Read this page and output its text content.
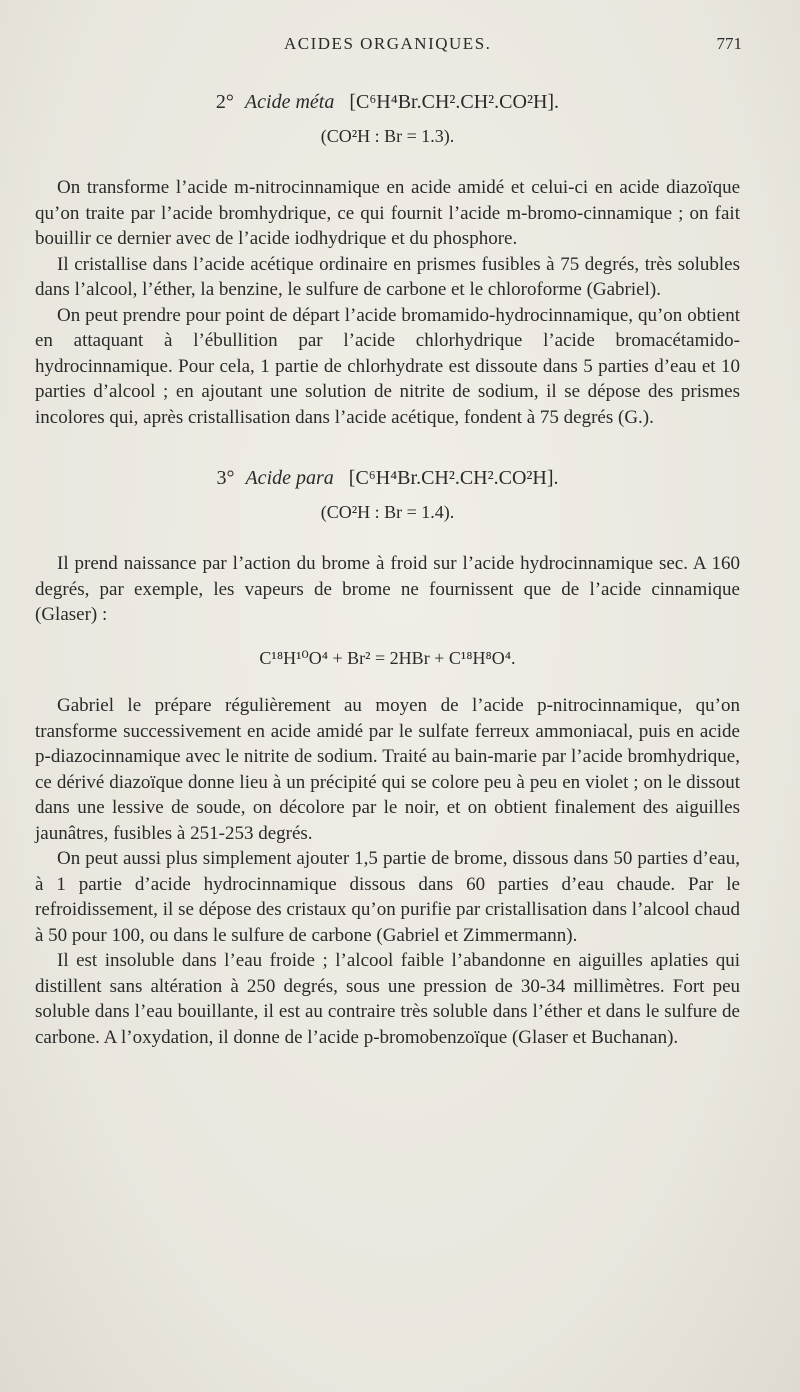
ACIDES ORGANIQUES.	771
2° Acide méta [C⁶H⁴Br.CH².CH².CO²H].
(CO²H : Br = 1.3).

On transforme l’acide m-nitrocinnamique en acide amidé et celui-ci en acide diazoïque qu’on traite par l’acide bromhydrique, ce qui fournit l’acide m-bromo-cinnamique ; on fait bouillir ce dernier avec de l’acide iodhydrique et du phosphore.

Il cristallise dans l’acide acétique ordinaire en prismes fusibles à 75 degrés, très solubles dans l’alcool, l’éther, la benzine, le sulfure de carbone et le chloroforme (Gabriel).

On peut prendre pour point de départ l’acide bromamido-hydrocinnamique, qu’on obtient en attaquant à l’ébullition par l’acide chlorhydrique l’acide bromacétamido-hydrocinnamique. Pour cela, 1 partie de chlorhydrate est dissoute dans 5 parties d’eau et 10 parties d’alcool ; en ajoutant une solution de nitrite de sodium, il se dépose des prismes incolores qui, après cristallisation dans l’acide acétique, fondent à 75 degrés (G.).

3° Acide para [C⁶H⁴Br.CH².CH².CO²H].
(CO²H : Br = 1.4).

Il prend naissance par l’action du brome à froid sur l’acide hydrocinnamique sec. A 160 degrés, par exemple, les vapeurs de brome ne fournissent que de l’acide cinnamique (Glaser) :

C¹⁸H¹⁰O⁴ + Br² = 2HBr + C¹⁸H⁸O⁴.

Gabriel le prépare régulièrement au moyen de l’acide p-nitrocinnamique, qu’on transforme successivement en acide amidé par le sulfate ferreux ammoniacal, puis en acide p-diazocinnamique avec le nitrite de sodium. Traité au bain-marie par l’acide bromhydrique, ce dérivé diazoïque donne lieu à un précipité qui se colore peu à peu en violet ; on le dissout dans une lessive de soude, on décolore par le noir, et on obtient finalement des aiguilles jaunâtres, fusibles à 251-253 degrés.

On peut aussi plus simplement ajouter 1,5 partie de brome, dissous dans 50 parties d’eau, à 1 partie d’acide hydrocinnamique dissous dans 60 parties d’eau chaude. Par le refroidissement, il se dépose des cristaux qu’on purifie par cristallisation dans l’alcool chaud à 50 pour 100, ou dans le sulfure de carbone (Gabriel et Zimmermann).

Il est insoluble dans l’eau froide ; l’alcool faible l’abandonne en aiguilles aplaties qui distillent sans altération à 250 degrés, sous une pression de 30-34 millimètres. Fort peu soluble dans l’eau bouillante, il est au contraire très soluble dans l’éther et dans le sulfure de carbone. A l’oxydation, il donne de l’acide p-bromobenzoïque (Glaser et Buchanan).
